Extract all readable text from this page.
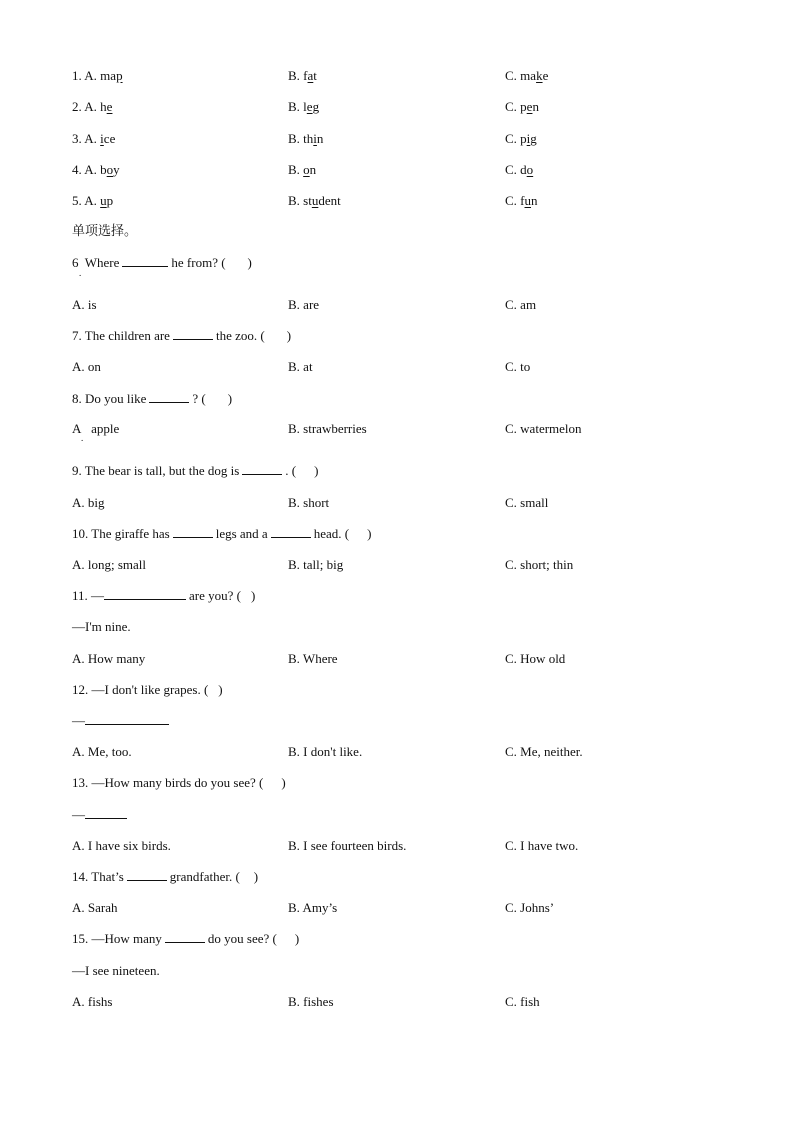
1. A. map	B. fat	C. make
2. A. he	B. leg	C. pen
3. A. ice	B. thin	C. pig
4. A. boy	B. on	C. do
5. A. up	B. student	C. fun
单项选择。
6
.
Where	he from? ( )
A. is	B. are	C. am
7. The children are	the zoo. ( )
A. on	B. at	C. to
8. Do you like	? ( )
A
.
apple	B. strawberries	C. watermelon
9. The bear is tall, but the dog is	. ( )
A. big	B. short	C. small
10. The giraffe has	legs and a	head. ( )
A. long; small	B. tall; big	C. short; thin
11. —	are you? ( )
—I'm nine.
A. How many	B. Where	C. How old
12. —I don't like grapes. ( )
—
A. Me, too.	B. I don't like.	C. Me, neither.
13. —How many birds do you see? ( )
—
A. I have six birds.	B. I see fourteen birds.	C. I have two.
14. That’s	grandfather. ( )
A. Sarah	B. Amy’s	C. Johns’
15. —How many	do you see? ( )
—I see nineteen.
A. fishs	B. fishes	C. fish
